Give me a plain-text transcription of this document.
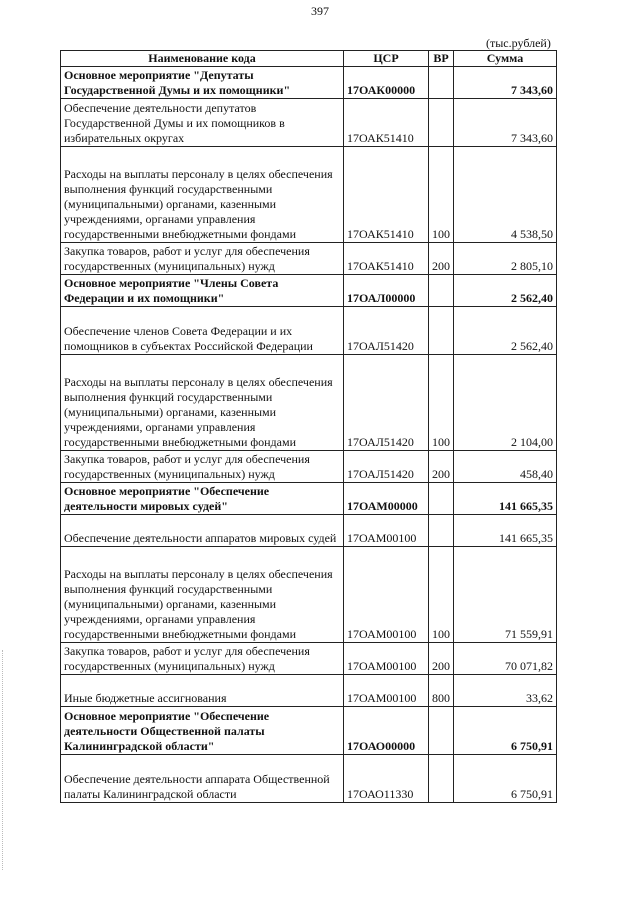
397
(тыс.рублей)
Наименование кода	ЦСР	ВР	Сумма
Основное мероприятие "Депутаты Государственной Думы и их помощники"	17ОАК00000		7 343,60
Обеспечение деятельности депутатов Государственной Думы и их помощников в избирательных округах	17ОАК51410		7 343,60
Расходы на выплаты персоналу в целях обеспечения выполнения функций государственными (муниципальными) органами, казенными учреждениями, органами управления государственными внебюджетными фондами	17ОАК51410	100	4 538,50
Закупка товаров, работ и услуг для обеспечения государственных (муниципальных) нужд	17ОАК51410	200	2 805,10
Основное мероприятие "Члены Совета Федерации и их помощники"	17ОАЛ00000		2 562,40
Обеспечение членов Совета Федерации и их помощников в субъектах Российской Федерации	17ОАЛ51420		2 562,40
Расходы на выплаты персоналу в целях обеспечения выполнения функций государственными (муниципальными) органами, казенными учреждениями, органами управления государственными внебюджетными фондами	17ОАЛ51420	100	2 104,00
Закупка товаров, работ и услуг для обеспечения государственных (муниципальных) нужд	17ОАЛ51420	200	458,40
Основное мероприятие "Обеспечение деятельности мировых судей"	17ОАМ00000		141 665,35
Обеспечение деятельности аппаратов мировых судей	17ОАМ00100		141 665,35
Расходы на выплаты персоналу в целях обеспечения выполнения функций государственными (муниципальными) органами, казенными учреждениями, органами управления государственными внебюджетными фондами	17ОАМ00100	100	71 559,91
Закупка товаров, работ и услуг для обеспечения государственных (муниципальных) нужд	17ОАМ00100	200	70 071,82
Иные бюджетные ассигнования	17ОАМ00100	800	33,62
Основное мероприятие "Обеспечение деятельности Общественной палаты Калининградской области"	17ОАО00000		6 750,91
Обеспечение деятельности аппарата Общественной палаты Калининградской области	17ОАО11330		6 750,91
